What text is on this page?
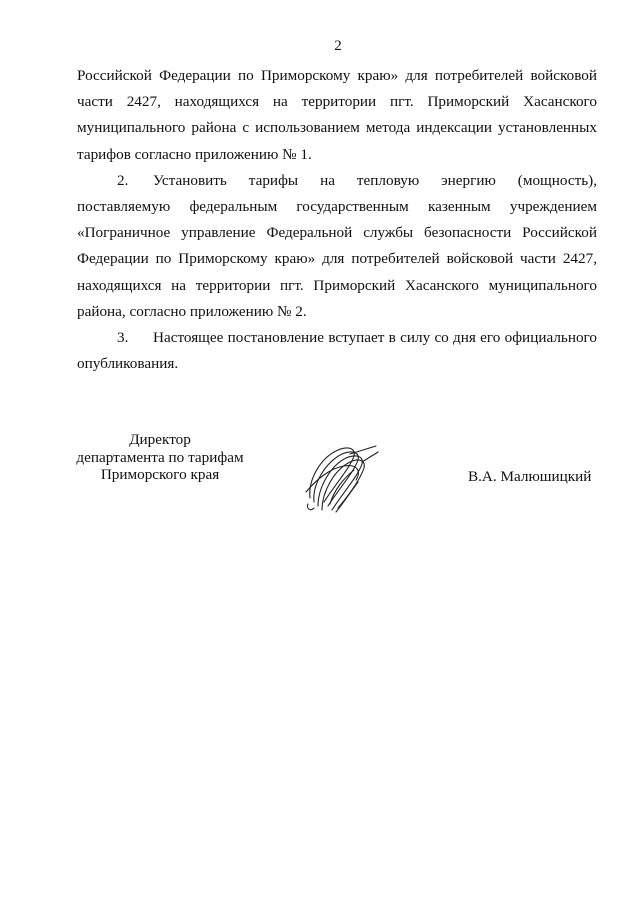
2

Российской Федерации по Приморскому краю» для потребителей войсковой части 2427, находящихся на территории пгт. Приморский Хасанского муниципального района с использованием метода индексации установленных тарифов согласно приложению № 1.

2. Установить тарифы на тепловую энергию (мощность), поставляемую федеральным государственным казенным учреждением «Пограничное управление Федеральной службы безопасности Российской Федерации по Приморскому краю» для потребителей войсковой части 2427, находящихся на территории пгт. Приморский Хасанского муниципального района, согласно приложению № 2.

3. Настоящее постановление вступает в силу со дня его официального опубликования.

Директор
департамента по тарифам
Приморского края	В.А. Малюшицкий
